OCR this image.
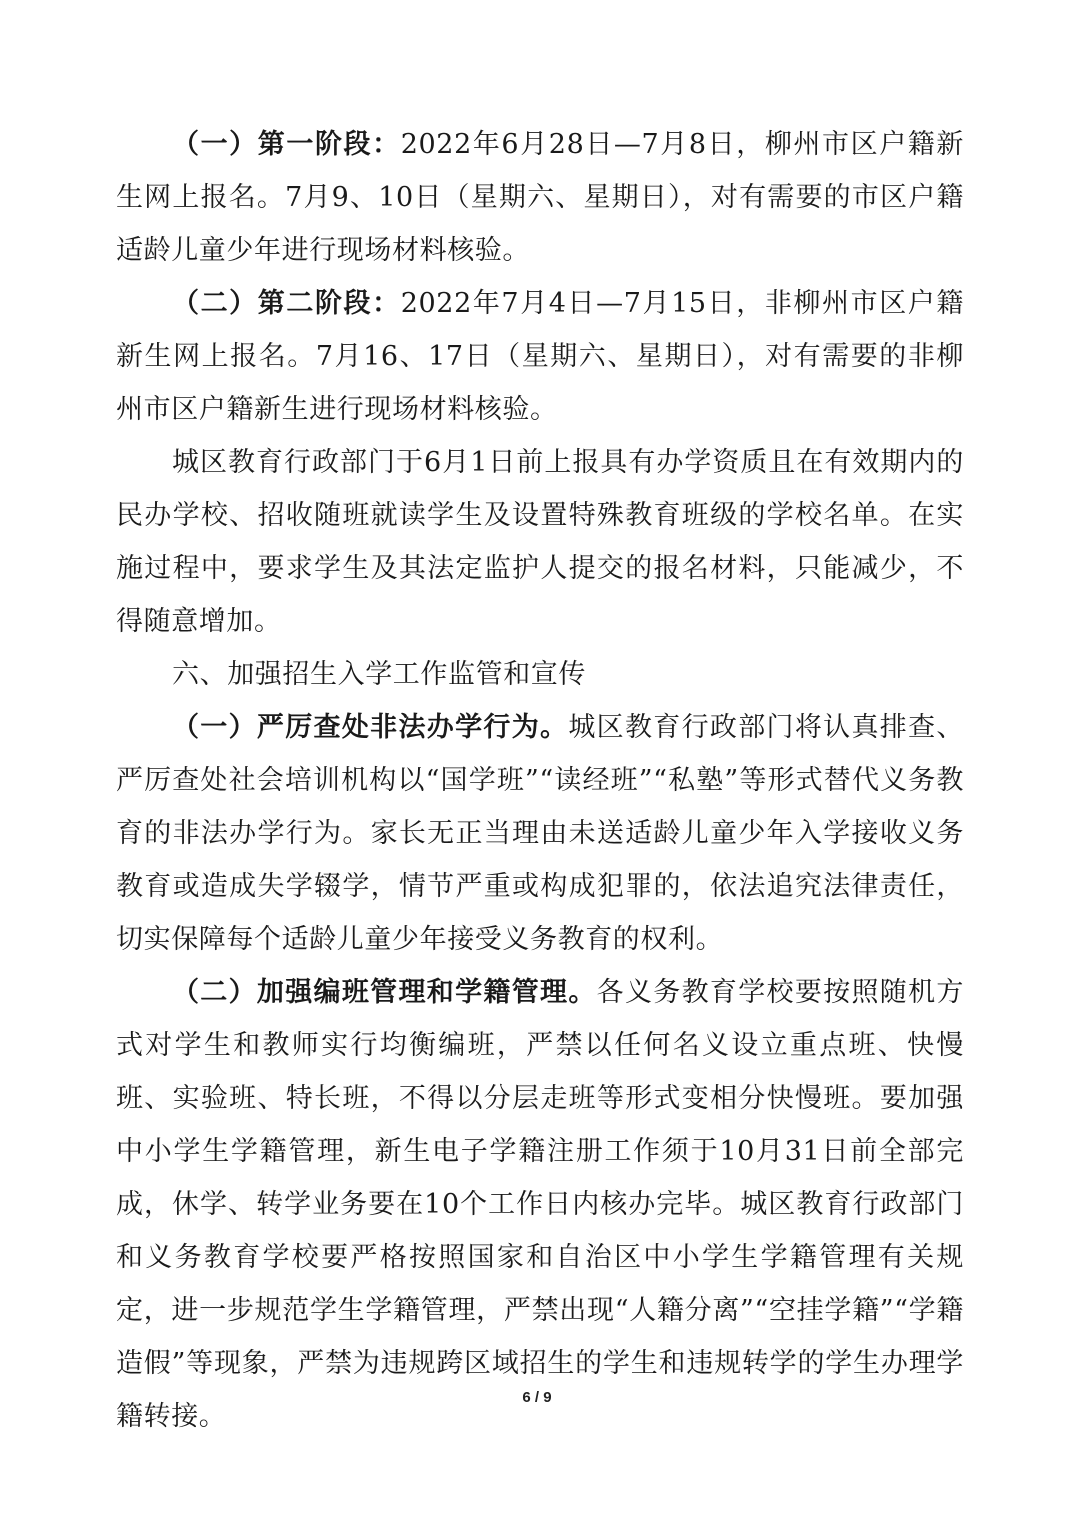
（一）第一阶段：2022年6月28日—7月8日，柳州市区户籍新生网上报名。7月9、10日（星期六、星期日），对有需要的市区户籍适龄儿童少年进行现场材料核验。

（二）第二阶段：2022年7月4日—7月15日，非柳州市区户籍新生网上报名。7月16、17日（星期六、星期日），对有需要的非柳州市区户籍新生进行现场材料核验。

城区教育行政部门于6月1日前上报具有办学资质且在有效期内的民办学校、招收随班就读学生及设置特殊教育班级的学校名单。在实施过程中，要求学生及其法定监护人提交的报名材料，只能减少，不得随意增加。

六、加强招生入学工作监管和宣传

（一）严厉查处非法办学行为。城区教育行政部门将认真排查、严厉查处社会培训机构以“国学班”“读经班”“私塾”等形式替代义务教育的非法办学行为。家长无正当理由未送适龄儿童少年入学接收义务教育或造成失学辍学，情节严重或构成犯罪的，依法追究法律责任，切实保障每个适龄儿童少年接受义务教育的权利。

（二）加强编班管理和学籍管理。各义务教育学校要按照随机方式对学生和教师实行均衡编班，严禁以任何名义设立重点班、快慢班、实验班、特长班，不得以分层走班等形式变相分快慢班。要加强中小学生学籍管理，新生电子学籍注册工作须于10月31日前全部完成，休学、转学业务要在10个工作日内核办完毕。城区教育行政部门和义务教育学校要严格按照国家和自治区中小学生学籍管理有关规定，进一步规范学生学籍管理，严禁出现“人籍分离”“空挂学籍”“学籍造假”等现象，严禁为违规跨区域招生的学生和违规转学的学生办理学籍转接。

6 / 9
